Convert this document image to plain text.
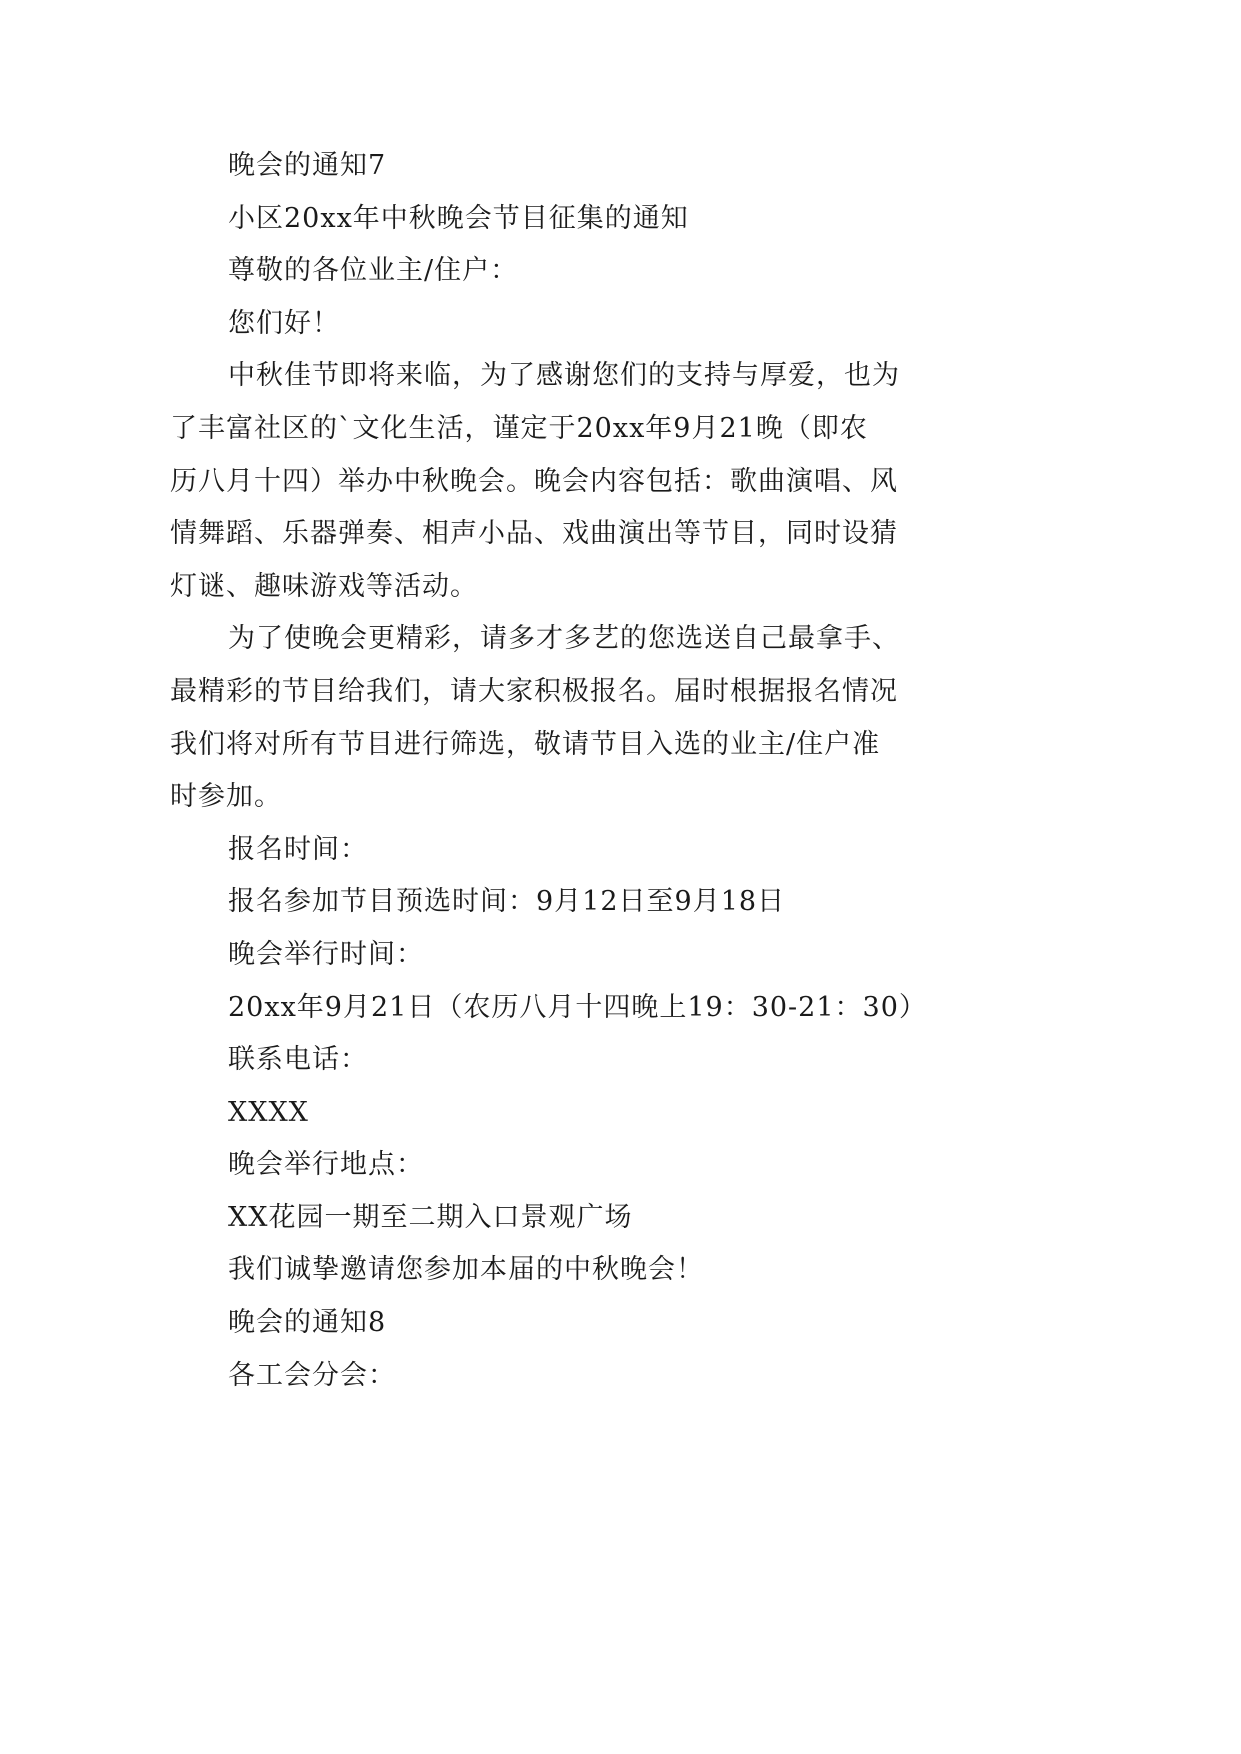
晚会的通知7
小区20xx年中秋晚会节目征集的通知
尊敬的各位业主/住户：
您们好！
中秋佳节即将来临，为了感谢您们的支持与厚爱，也为
了丰富社区的`文化生活，谨定于20xx年9月21晚（即农
历八月十四）举办中秋晚会。晚会内容包括：歌曲演唱、风
情舞蹈、乐器弹奏、相声小品、戏曲演出等节目，同时设猜
灯谜、趣味游戏等活动。
为了使晚会更精彩，请多才多艺的您选送自己最拿手、
最精彩的节目给我们，请大家积极报名。届时根据报名情况
我们将对所有节目进行筛选，敬请节目入选的业主/住户准
时参加。
报名时间：
报名参加节目预选时间：9月12日至9月18日
晚会举行时间：
20xx年9月21日（农历八月十四晚上19：30-21：30）
联系电话：
XXXX
晚会举行地点：
XX花园一期至二期入口景观广场
我们诚挚邀请您参加本届的中秋晚会！
晚会的通知8
各工会分会：
